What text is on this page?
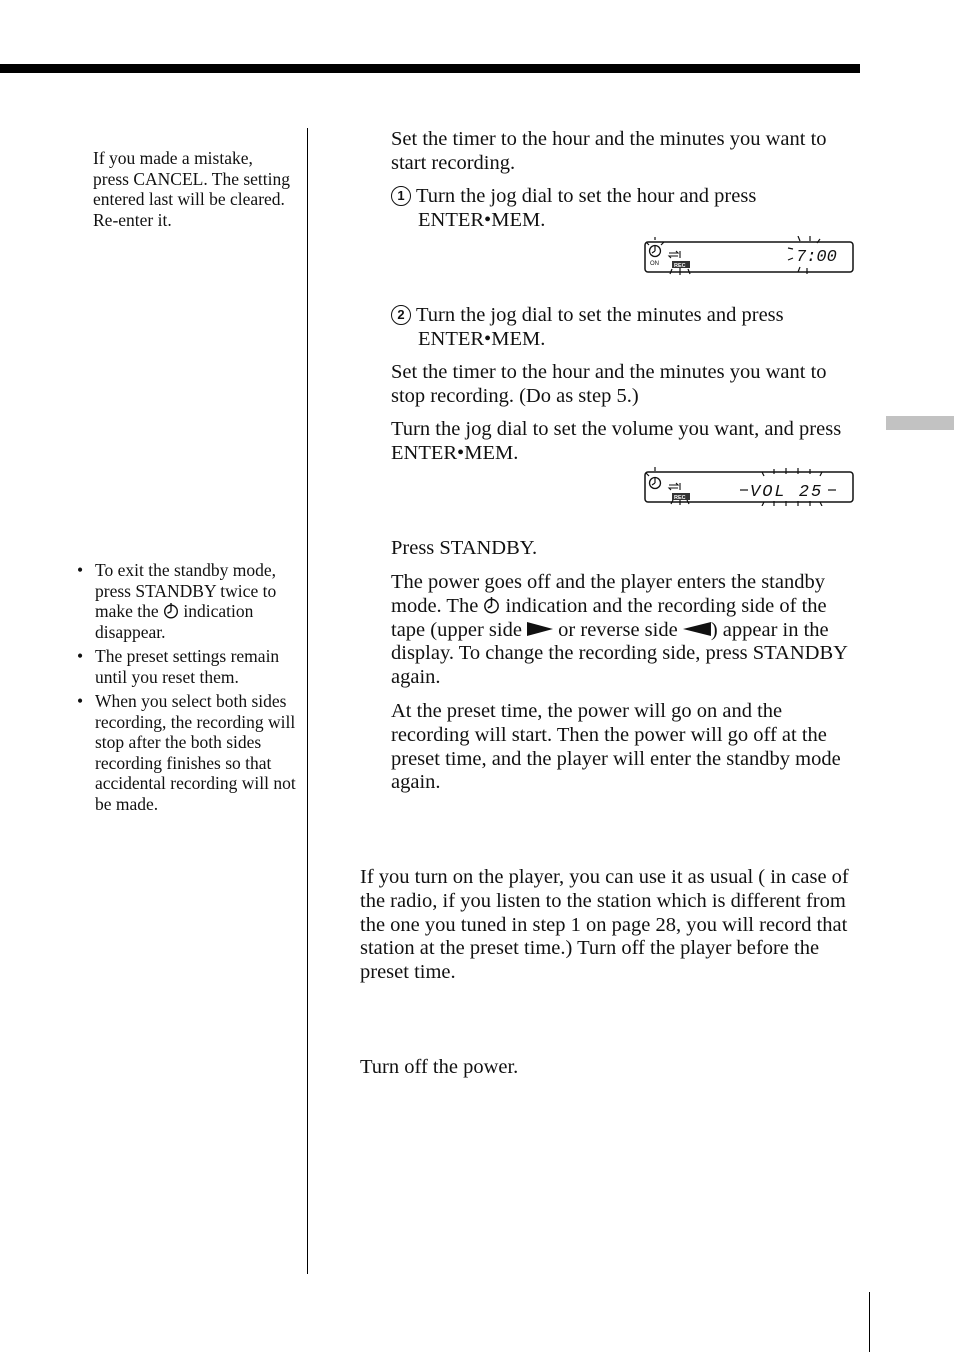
If you made a mistake, press CANCEL. The setting entered last will be cleared. Re-enter it.
• To exit the standby mode, press STANDBY twice to make the  indication disappear.
• The preset settings remain until you reset them.
• When you select both sides recording, the recording will stop after the both sides recording finishes so that accidental recording will not be made.
Set the timer to the hour and the minutes you want to start recording.
1 Turn the jog dial to set the hour and press
ENTER•MEM.
ON	REC	7:00
2 Turn the jog dial to set the minutes and press
ENTER•MEM.
Set the timer to the hour and the minutes you want to stop recording. (Do as step 5.)
Turn the jog dial to set the volume you want, and press ENTER•MEM.
REC	VOL 25
Press STANDBY.
The power goes off and the player enters the standby mode. The  indication and the recording side of the tape (upper side  or reverse side ) appear in the display. To change the recording side, press STANDBY again.
At the preset time, the power will go on and the recording will start. Then the power will go off at the preset time, and the player will enter the standby mode again.
If you turn on the player, you can use it as usual ( in case of the radio, if you listen to the station which is different from the one you tuned in step 1 on page 28, you will record that station at the preset time.) Turn off the player before the preset time.
Turn off the power.
